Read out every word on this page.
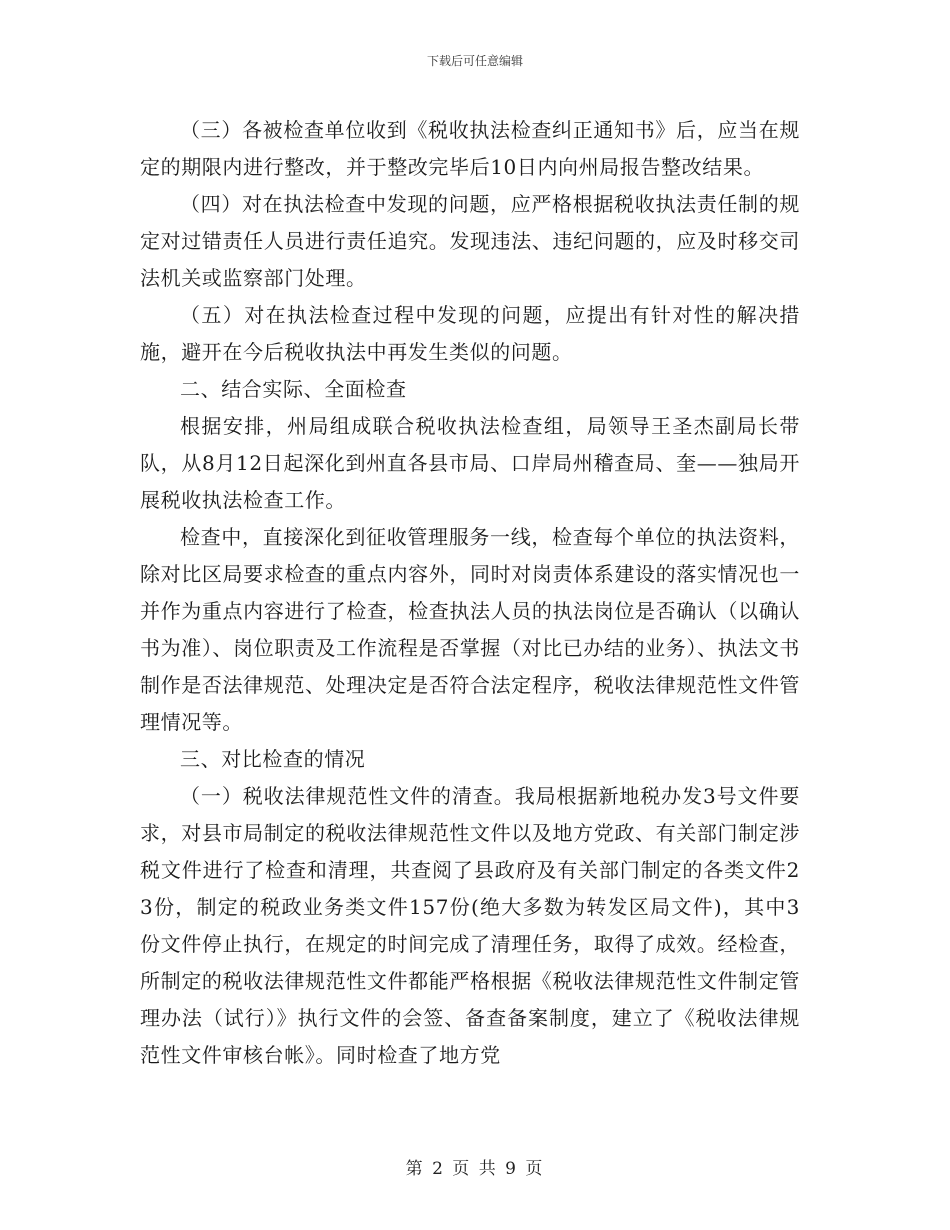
下载后可任意编辑

（三）各被检查单位收到《税收执法检查纠正通知书》后，应当在规定的期限内进行整改，并于整改完毕后10日内向州局报告整改结果。

（四）对在执法检查中发现的问题，应严格根据税收执法责任制的规定对过错责任人员进行责任追究。发现违法、违纪问题的，应及时移交司法机关或监察部门处理。

（五）对在执法检查过程中发现的问题，应提出有针对性的解决措施，避开在今后税收执法中再发生类似的问题。

二、结合实际、全面检查

根据安排，州局组成联合税收执法检查组，局领导王圣杰副局长带队，从8月12日起深化到州直各县市局、口岸局州稽查局、奎——独局开展税收执法检查工作。

检查中，直接深化到征收管理服务一线，检查每个单位的执法资料，除对比区局要求检查的重点内容外，同时对岗责体系建设的落实情况也一并作为重点内容进行了检查，检查执法人员的执法岗位是否确认（以确认书为准）、岗位职责及工作流程是否掌握（对比已办结的业务）、执法文书制作是否法律规范、处理决定是否符合法定程序，税收法律规范性文件管理情况等。

三、对比检查的情况

（一）税收法律规范性文件的清查。我局根据新地税办发3号文件要求，对县市局制定的税收法律规范性文件以及地方党政、有关部门制定涉税文件进行了检查和清理，共查阅了县政府及有关部门制定的各类文件23份，制定的税政业务类文件157份(绝大多数为转发区局文件)，其中3份文件停止执行，在规定的时间完成了清理任务，取得了成效。经检查，所制定的税收法律规范性文件都能严格根据《税收法律规范性文件制定管理办法（试行）》执行文件的会签、备查备案制度，建立了《税收法律规范性文件审核台帐》。同时检查了地方党

第 2 页 共 9 页
